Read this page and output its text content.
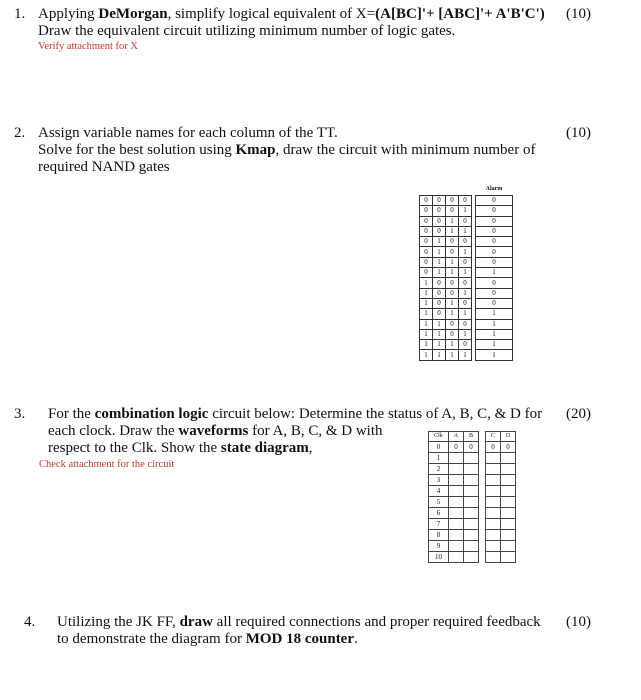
1. Applying DeMorgan, simplify logical equivalent of X=(A[BC]'+ [ABC]'+ A'B'C')
Draw the equivalent circuit utilizing minimum number of logic gates.
Verify attachment for X
(10)
2. Assign variable names for each column of the TT.
Solve for the best solution using Kmap, draw the circuit with minimum number of
required NAND gates
(10)
					Alarm
0	0	0	0		0
0	0	0	1		0
0	0	1	0		0
0	0	1	1		0
0	1	0	0		0
0	1	0	1		0
0	1	1	0		0
0	1	1	1		1
1	0	0	0		0
1	0	0	1		0
1	0	1	0		0
1	0	1	1		1
1	1	0	0		1
1	1	0	1		1
1	1	1	0		1
1	1	1	1		1
3. For the combination logic circuit below: Determine the status of A, B, C, & D for
each clock. Draw the waveforms for A, B, C, & D with
respect to the Clk. Show the state diagram,
Check attachment for the circuit
(20)
Clk	A	B		C	D
0	0	0		0	0
1					
2					
3					
4					
5					
6					
7					
8					
9					
10					
4. Utilizing the JK FF, draw all required connections and proper required feedback
to demonstrate the diagram for MOD 18 counter.
(10)
